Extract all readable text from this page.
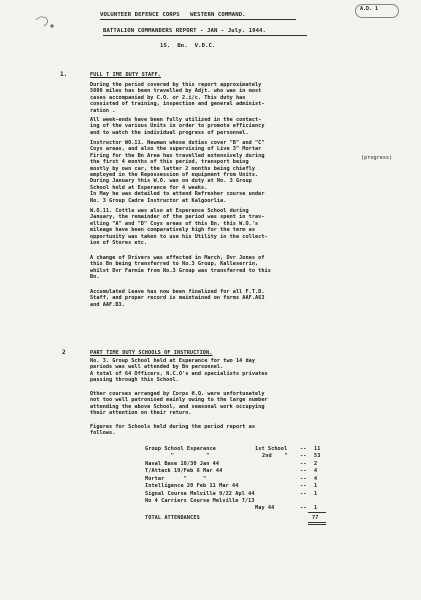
A.D. 1
VOLUNTEER DEFENCE CORPS   WESTERN COMMAND.
BATTALION COMMANDERS REPORT - JAN - July. 1944.
15.  Bn.  V.D.C.
1.	FULL T IME DUTY STAFF.
During the period covered by this report approximately
5000 miles has been travelled by Adjt. who was in most
cases accompanied by C.O. or 2.i/c. This duty has
consisted of training, inspection and general administ-
ration .
All week-ends have been fully utilized in the contact-
ing of the various Units in order to promote efficiency
and to watch the individual progress of personnel.
(progress)
Instructor WO.11. Newman whose duties cover "B" and "C"
Coys areas, and also the supervising of Live 3" Mortar
Firing for the Bn Area has travelled extensively during
the first 4 months of this period, transport being
mostly by own car, the latter 2 months being chiefly
employed in the Repossession of equipment from Units.
During January this W.O. was on duty at No. 3 Group
School held at Esperance for 4 weeks.
In May he was detailed to attend Refresher course under
No. 3 Group Cadre Instructor at Kalgoorlie.
W.O.11. Cottle was also at Esperance School during
January, the remainder of the period was spent in trav-
elling "A" and "D" Coys areas of this Bn, this W.O.'s
mileage have been comparatively high for the term as
opportunity was taken to use his Utility in the collect-
ion of Stores etc.
A change of Drivers was effected in March, Dvr Jones of
this Bn being transferred to No.3 Group, Kalleserrin,
whilst Dvr Farmie from No.3 Group was transferred to this
Bn.
Accumulated Leave has now been finalized for all F.T.D.
Staff, and proper record is maintained on forms AAF.A63
and AAF.B3.
2	PART TIME DUTY SCHOOLS OF INSTRUCTION.
No. 3. Group School held at Esperance for two 14 day
periods was well attended by Bn personnel.
A total of 64 Officers, N.C.O's and specialists privates
passing through this School.
Other courses arranged by Corps H.Q. were unfortunately
not too well patronised mainly owing to the large number
attending the above School, and seasonal work occupying
their attention on their return.
Figures for Schools held during the period report as
follows.
Group School Esperance	1st School -- 11
"          "	2nd    " -- 53
Naval Base 10/30 Jan 44	-- 2
T/Attack 19/Feb 6 Mar 44	-- 4
Mortar      "     "	-- 4
Intelligence 20 Feb 11 Mar 44	-- 1
Signal Course Melville 9/22 Apl 44	-- 1
No 4 Carriers Course Melville 7/13
May 44	-- 1
TOTAL ATTENDANCES	77
